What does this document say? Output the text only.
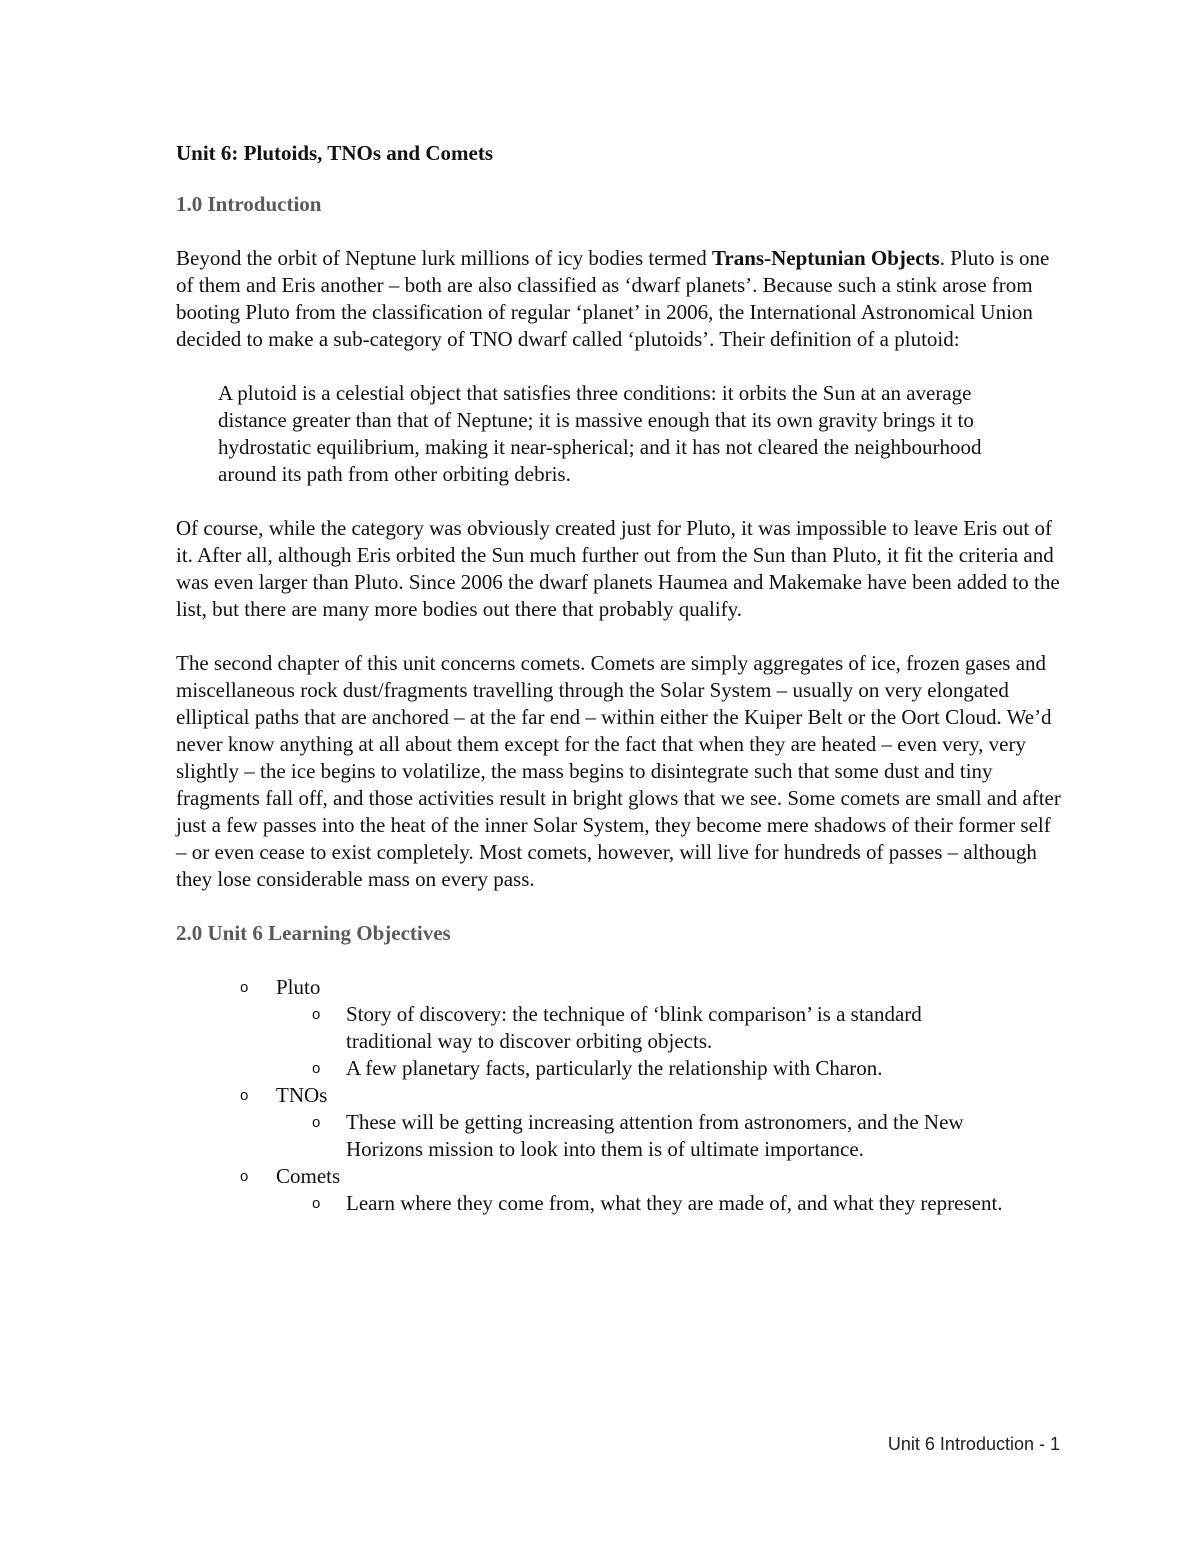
Unit 6: Plutoids, TNOs and Comets
1.0 Introduction

Beyond the orbit of Neptune lurk millions of icy bodies termed Trans-Neptunian Objects. Pluto is one of them and Eris another – both are also classified as ‘dwarf planets’. Because such a stink arose from booting Pluto from the classification of regular ‘planet’ in 2006, the International Astronomical Union decided to make a sub-category of TNO dwarf called ‘plutoids’. Their definition of a plutoid:

A plutoid is a celestial object that satisfies three conditions: it orbits the Sun at an average distance greater than that of Neptune; it is massive enough that its own gravity brings it to hydrostatic equilibrium, making it near-spherical; and it has not cleared the neighbourhood around its path from other orbiting debris.

Of course, while the category was obviously created just for Pluto, it was impossible to leave Eris out of it. After all, although Eris orbited the Sun much further out from the Sun than Pluto, it fit the criteria and was even larger than Pluto. Since 2006 the dwarf planets Haumea and Makemake have been added to the list, but there are many more bodies out there that probably qualify.

The second chapter of this unit concerns comets. Comets are simply aggregates of ice, frozen gases and miscellaneous rock dust/fragments travelling through the Solar System – usually on very elongated elliptical paths that are anchored – at the far end – within either the Kuiper Belt or the Oort Cloud. We’d never know anything at all about them except for the fact that when they are heated – even very, very slightly – the ice begins to volatilize, the mass begins to disintegrate such that some dust and tiny fragments fall off, and those activities result in bright glows that we see. Some comets are small and after just a few passes into the heat of the inner Solar System, they become mere shadows of their former self – or even cease to exist completely. Most comets, however, will live for hundreds of passes – although they lose considerable mass on every pass.

2.0 Unit 6 Learning Objectives
o Pluto
o Story of discovery: the technique of ‘blink comparison’ is a standard traditional way to discover orbiting objects.
o A few planetary facts, particularly the relationship with Charon.
o TNOs
o These will be getting increasing attention from astronomers, and the New Horizons mission to look into them is of ultimate importance.
o Comets
o Learn where they come from, what they are made of, and what they represent.
Unit 6 Introduction - 1
